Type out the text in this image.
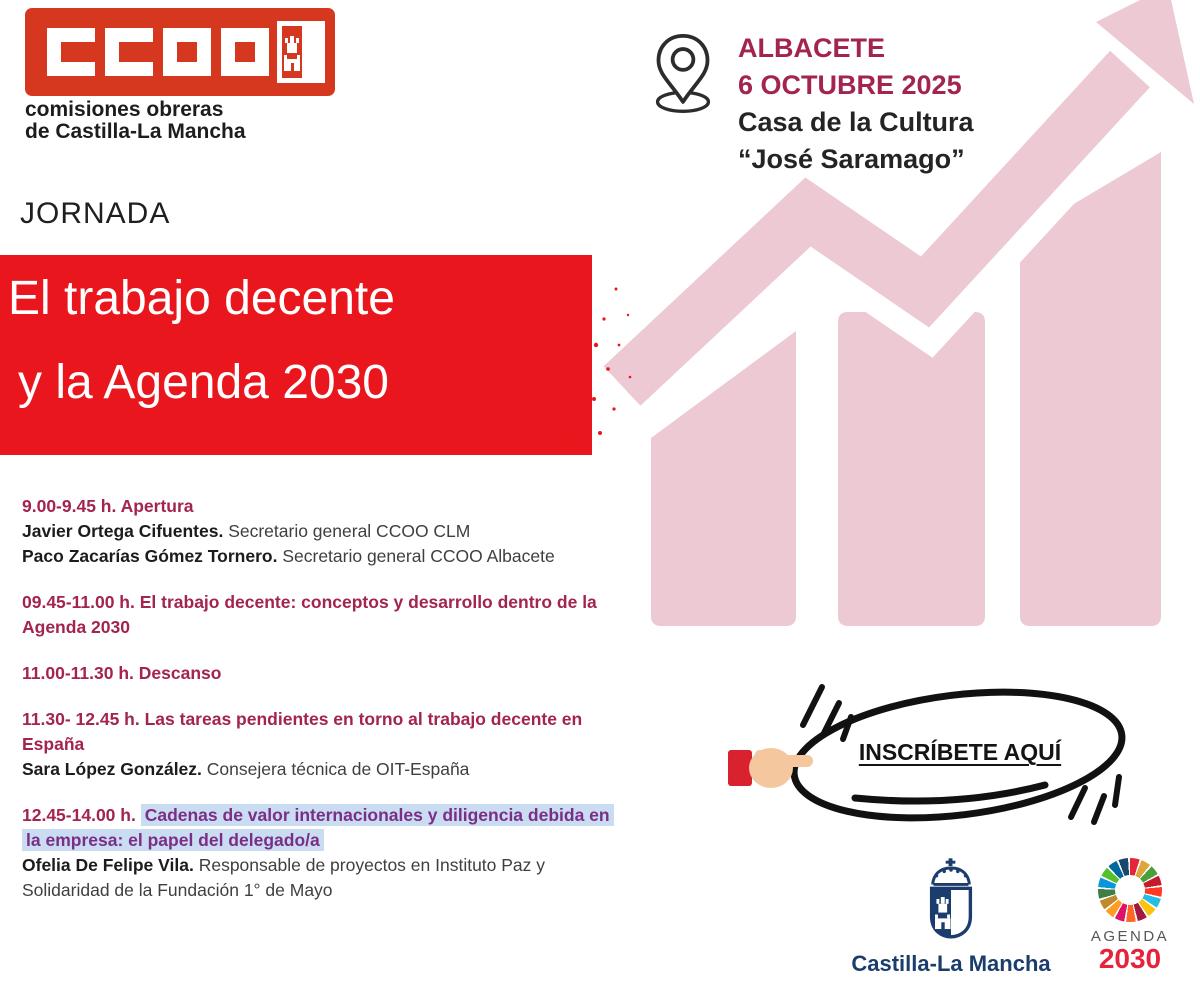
comisiones obreras
de Castilla-La Mancha
ALBACETE
6 OCTUBRE 2025
Casa de la Cultura
“José Saramago”
JORNADA
El trabajo decente
y la Agenda 2030

9.00-9.45 h. Apertura

Javier Ortega Cifuentes. Secretario general CCOO CLM

Paco Zacarías Gómez Tornero. Secretario general CCOO Albacete

09.45-11.00 h. El trabajo decente: conceptos y desarrollo dentro de la Agenda 2030

11.00-11.30 h. Descanso

11.30- 12.45 h. Las tareas pendientes en torno al trabajo decente en España

Sara López González. Consejera técnica de OIT-España

12.45-14.00 h. Cadenas de valor internacionales y diligencia debida en la empresa: el papel del delegado/a

Ofelia De Felipe Vila. Responsable de proyectos en Instituto Paz y Solidaridad de la Fundación 1° de Mayo

INSCRÍBETE AQUÍ
Castilla-La Mancha
AGENDA
2030
